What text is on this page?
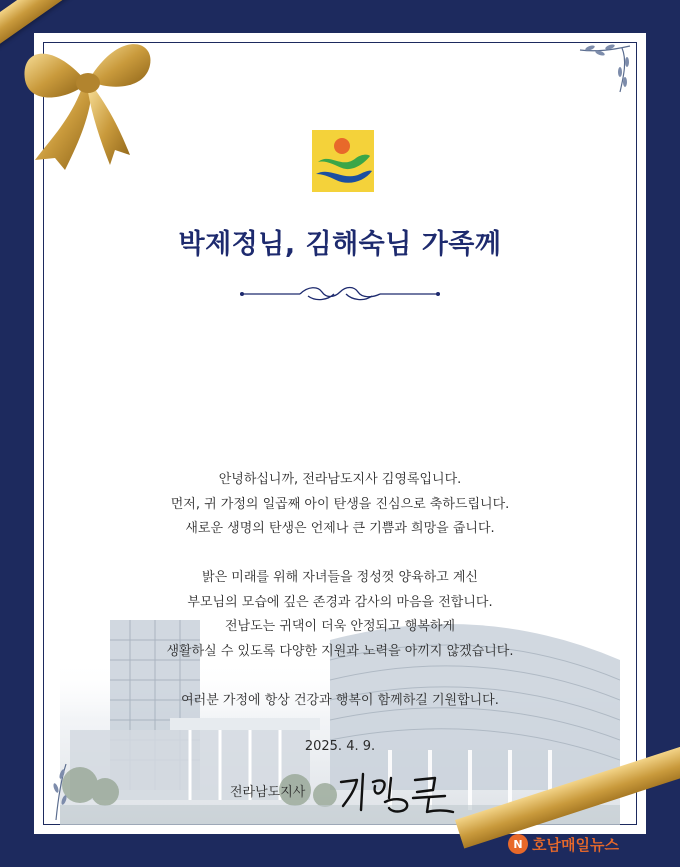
박제정님, 김해숙님 가족께
안녕하십니까, 전라남도지사 김영록입니다.
먼저, 귀 가정의 일곱째 아이 탄생을 진심으로 축하드립니다.
새로운 생명의 탄생은 언제나 큰 기쁨과 희망을 줍니다.
밝은 미래를 위해 자녀들을 정성껏 양육하고 계신
부모님의 모습에 깊은 존경과 감사의 마음을 전합니다.
전남도는 귀댁이 더욱 안정되고 행복하게
생활하실 수 있도록 다양한 지원과 노력을 아끼지 않겠습니다.
여러분 가정에 항상 건강과 행복이 함께하길 기원합니다.
2025. 4. 9.
전라남도지사
N 호남 매일뉴스
